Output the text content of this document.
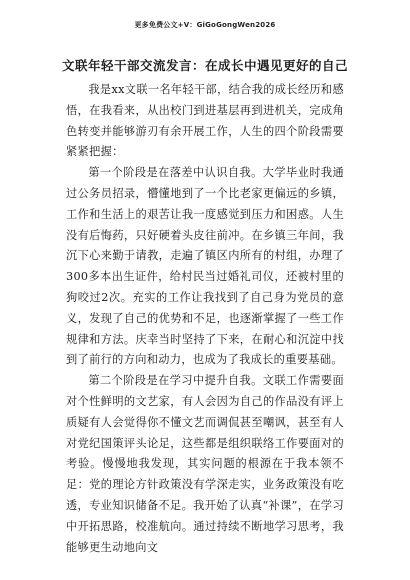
更多免费公文+V：GiGoGongWen2026
文联年轻干部交流发言：在成长中遇见更好的自己

我是xx文联一名年轻干部，结合我的成长经历和感悟，在我看来，从出校门到进基层再到进机关，完成角色转变并能够游刃有余开展工作，人生的四个阶段需要紧紧把握：

第一个阶段是在落差中认识自我。大学毕业时我通过公务员招录，懵懂地到了一个比老家更偏远的乡镇，工作和生活上的艰苦让我一度感觉到压力和困惑。人生没有后悔药，只好硬着头皮往前冲。在乡镇三年间，我沉下心来勤于请教，走遍了镇区内所有的村组，办理了300多本出生证件，给村民当过婚礼司仪，还被村里的狗咬过2次。充实的工作让我找到了自己身为党员的意义，发现了自己的优势和不足，也逐渐掌握了一些工作规律和方法。庆幸当时坚持了下来，在耐心和沉淀中找到了前行的方向和动力，也成为了我成长的重要基础。

第二个阶段是在学习中提升自我。文联工作需要面对个性鲜明的文艺家，有人会因为自己的作品没有评上质疑有人会觉得你不懂文艺而调侃甚至嘲讽，甚至有人对党纪国策评头论足，这些都是组织联络工作要面对的考验。慢慢地我发现，其实问题的根源在于我本领不足：党的理论方针政策没有学深走实，业务政策没有吃透，专业知识储备不足。我开始了认真“补课”，在学习中开拓思路，校准航向。通过持续不断地学习思考，我能够更生动地向文
